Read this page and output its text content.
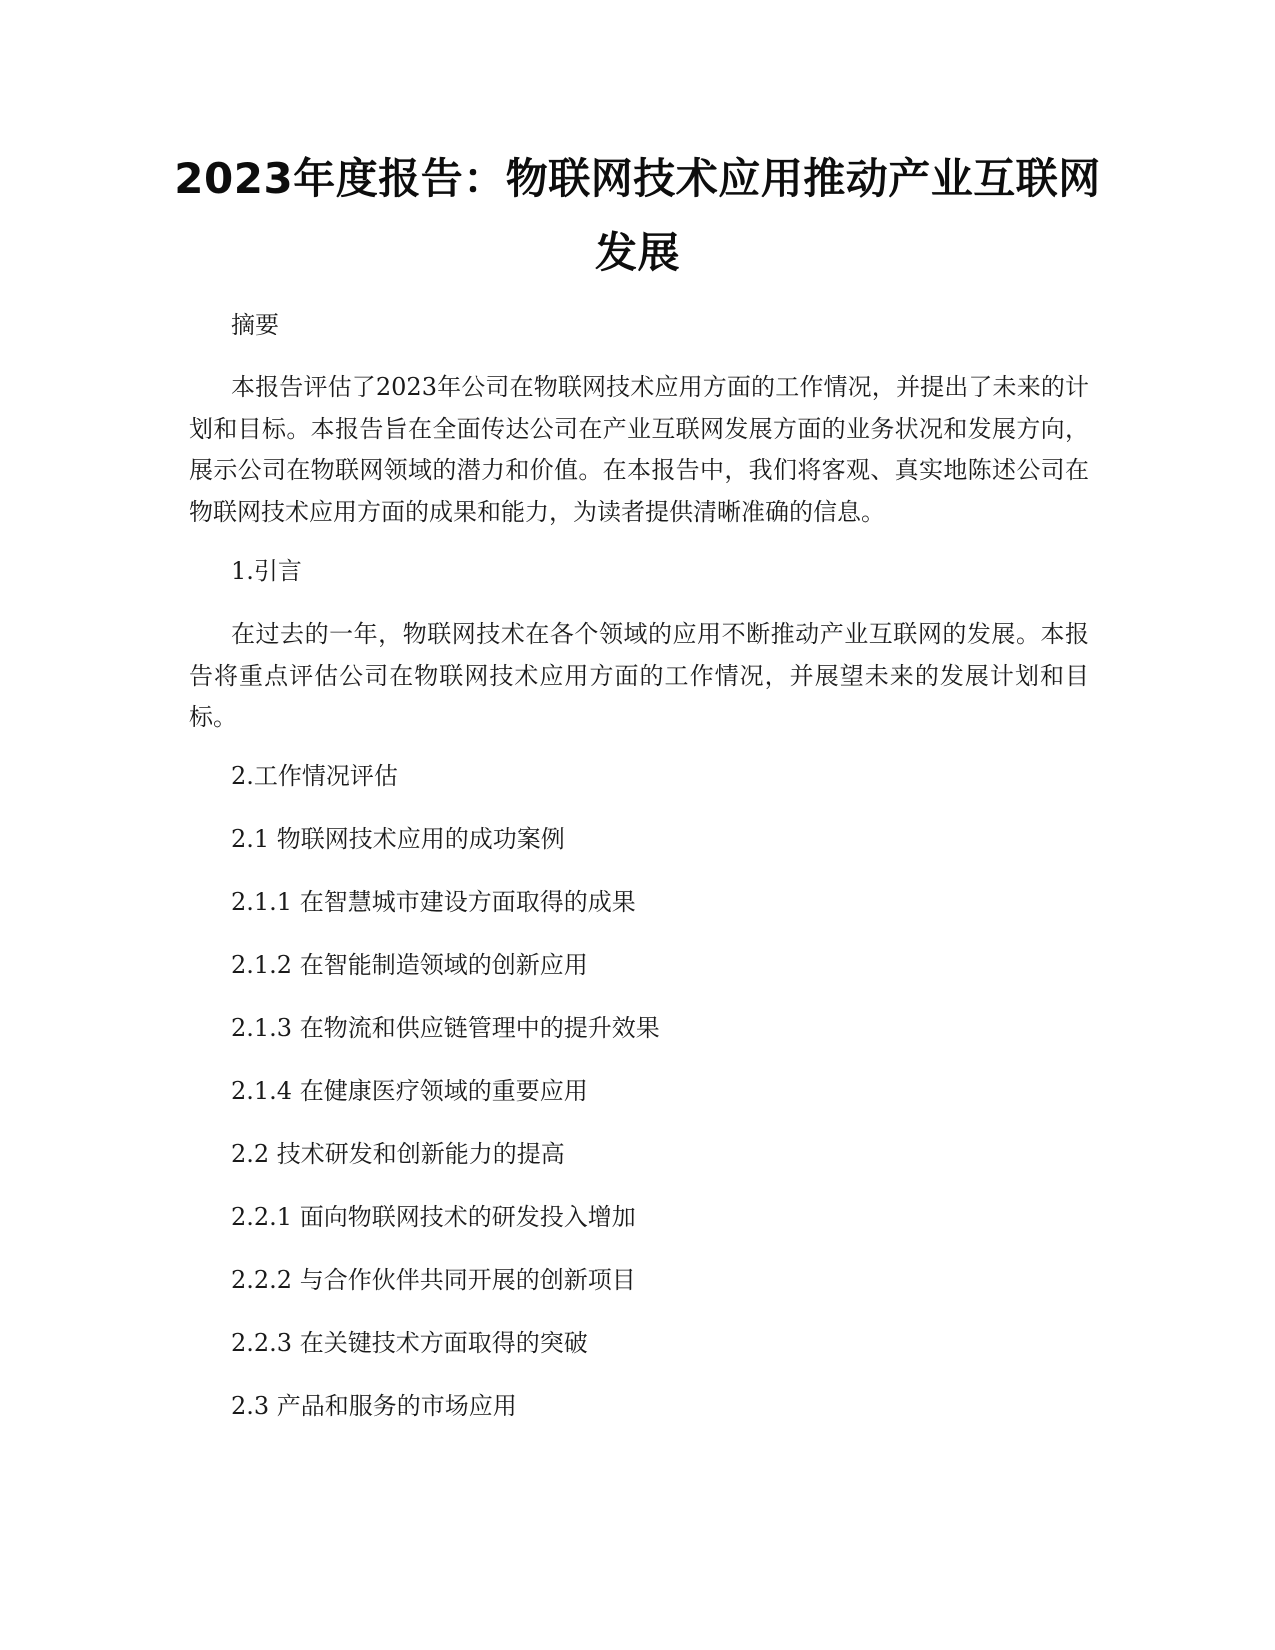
2023年度报告：物联网技术应用推动产业互联网发展

摘要

本报告评估了2023年公司在物联网技术应用方面的工作情况，并提出了未来的计划和目标。本报告旨在全面传达公司在产业互联网发展方面的业务状况和发展方向，展示公司在物联网领域的潜力和价值。在本报告中，我们将客观、真实地陈述公司在物联网技术应用方面的成果和能力，为读者提供清晰准确的信息。

1.引言

在过去的一年，物联网技术在各个领域的应用不断推动产业互联网的发展。本报告将重点评估公司在物联网技术应用方面的工作情况，并展望未来的发展计划和目标。

2.工作情况评估

2.1 物联网技术应用的成功案例

2.1.1 在智慧城市建设方面取得的成果

2.1.2 在智能制造领域的创新应用

2.1.3 在物流和供应链管理中的提升效果

2.1.4 在健康医疗领域的重要应用

2.2 技术研发和创新能力的提高

2.2.1 面向物联网技术的研发投入增加

2.2.2 与合作伙伴共同开展的创新项目

2.2.3 在关键技术方面取得的突破

2.3 产品和服务的市场应用
